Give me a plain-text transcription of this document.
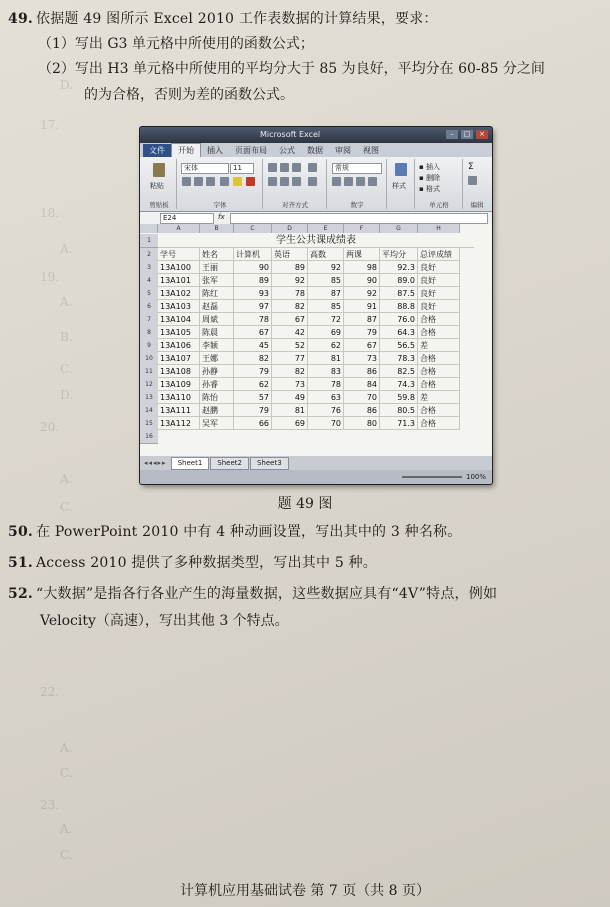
D.
17.
18.
A.
19.
A.
B.
C.
D.
20.
A.
C.
22.
A.
C.
23.
A.
C.
49. 依据题 49 图所示 Excel 2010 工作表数据的计算结果，要求：
（1）写出 G3 单元格中所使用的函数公式；
（2）写出 H3 单元格中所使用的平均分大于 85 为良好，平均分在 60-85 分之间
的为合格，否则为差的函数公式。
Microsoft Excel	–	□	×
文件	开始	插入	页面布局	公式	数据	审阅	视图
粘贴
剪贴板
宋体	11
字体	对齐方式
常规
数字
样式
▪ 插入
▪ 删除
▪ 格式
单元格
Σ
编辑
E24	fx
学生公共课成绩表
A	B	C	D	E	F	G	H
1
2
3
4
5
6
7
8
9
10
11
12
13
14
15
16
学号	姓名	计算机	英语	高数	两课	平均分	总评成绩
13A100	王丽	90	89	92	98	92.3 良好
13A101	张军	89	92	85	90	89.0 良好
13A102	陈红	93	78	87	92	87.5 良好
13A103	赵磊	97	82	85	91	88.8 良好
13A104	周斌	78	67	72	87	76.0 合格
13A105	陈晨	67	42	69	79	64.3 合格
13A106	李颖	45	52	62	67	56.5 差
13A107	王娜	82	77	81	73	78.3 合格
13A108	孙静	79	82	83	86	82.5 合格
13A109	孙睿	62	73	78	84	74.3 合格
13A110	陈怡	57	49	63	70	59.8 差
13A111	赵鹏	79	81	76	86	80.5 合格
13A112	吴军	66	69	70	80	71.3 合格
◂◂◂▸▸	Sheet1	Sheet2	Sheet3
100%
题 49 图
50. 在 PowerPoint 2010 中有 4 种动画设置，写出其中的 3 种名称。
51. Access 2010 提供了多种数据类型，写出其中 5 种。
52. “大数据”是指各行各业产生的海量数据，这些数据应具有“4V”特点，例如
Velocity（高速），写出其他 3 个特点。
计算机应用基础试卷 第 7 页（共 8 页）
